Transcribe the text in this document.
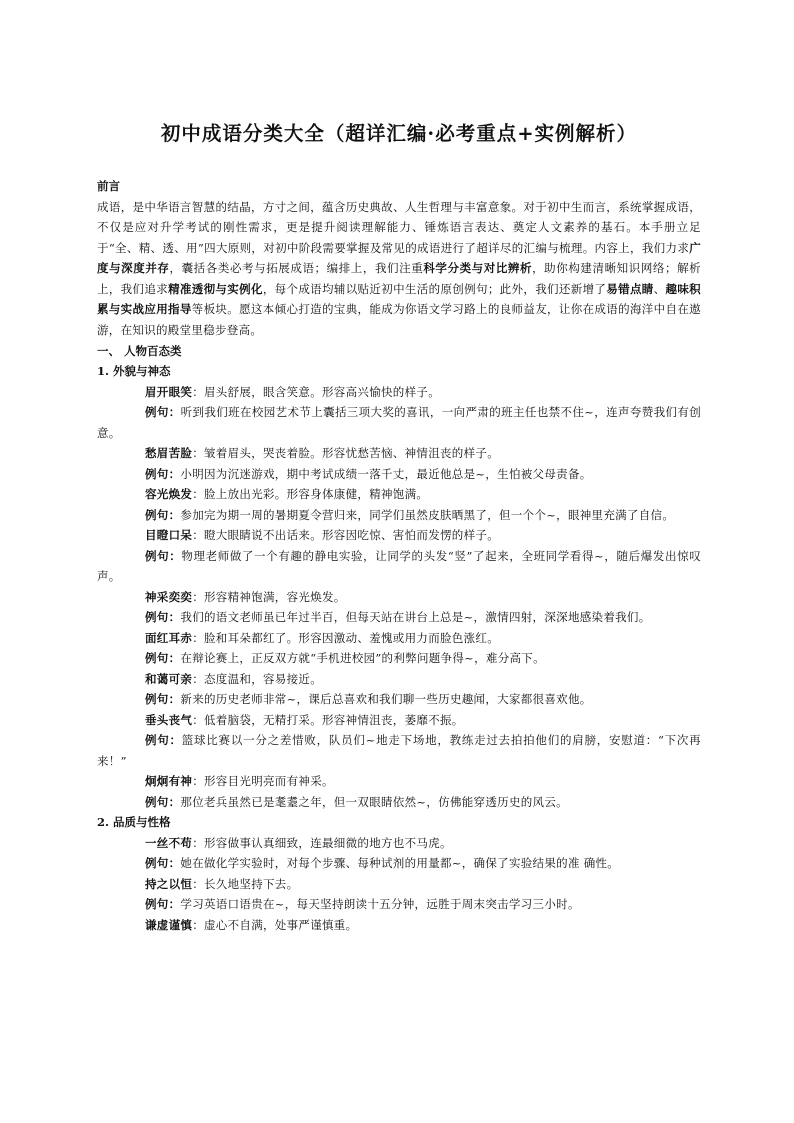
初中成语分类大全（超详汇编·必考重点+实例解析）
前言

成语，是中华语言智慧的结晶，方寸之间，蕴含历史典故、人生哲理与丰富意象。对于初中生而言，系统掌握成语，不仅是应对升学考试的刚性需求，更是提升阅读理解能力、锤炼语言表达、奠定人文素养的基石。本手册立足于“全、精、透、用”四大原则，对初中阶段需要掌握及常见的成语进行了超详尽的汇编与梳理。内容上，我们力求广度与深度并存，囊括各类必考与拓展成语；编排上，我们注重科学分类与对比辨析，助你构建清晰知识网络；解析上，我们追求精准透彻与实例化，每个成语均辅以贴近初中生活的原创例句；此外，我们还新增了易错点睛、趣味积累与实战应用指导等板块。愿这本倾心打造的宝典，能成为你语文学习路上的良师益友，让你在成语的海洋中自在遨游，在知识的殿堂里稳步登高。

一、 人物百态类
1. 外貌与神态
眉开眼笑：眉头舒展，眼含笑意。形容高兴愉快的样子。
例句：听到我们班在校园艺术节上囊括三项大奖的喜讯，一向严肃的班主任也禁不住~，连声夸赞我们有创意。
愁眉苦脸：皱着眉头，哭丧着脸。形容忧愁苦恼、神情沮丧的样子。
例句：小明因为沉迷游戏，期中考试成绩一落千丈，最近他总是~，生怕被父母责备。
容光焕发：脸上放出光彩。形容身体康健，精神饱满。
例句：参加完为期一周的暑期夏令营归来，同学们虽然皮肤晒黑了，但一个个~，眼神里充满了自信。
目瞪口呆：瞪大眼睛说不出话来。形容因吃惊、害怕而发愣的样子。
例句：物理老师做了一个有趣的静电实验，让同学的头发“竖”了起来，全班同学看得~，随后爆发出惊叹声。
神采奕奕：形容精神饱满，容光焕发。
例句：我们的语文老师虽已年过半百，但每天站在讲台上总是~，激情四射，深深地感染着我们。
面红耳赤：脸和耳朵都红了。形容因激动、羞愧或用力而脸色涨红。
例句：在辩论赛上，正反双方就“手机进校园”的利弊问题争得~，难分高下。
和蔼可亲：态度温和，容易接近。
例句：新来的历史老师非常~，课后总喜欢和我们聊一些历史趣闻，大家都很喜欢他。
垂头丧气：低着脑袋，无精打采。形容神情沮丧，萎靡不振。
例句：篮球比赛以一分之差惜败，队员们~地走下场地，教练走过去拍拍他们的肩膀，安慰道：“下次再来！”
炯炯有神：形容目光明亮而有神采。
例句：那位老兵虽然已是耄耋之年，但一双眼睛依然~，仿佛能穿透历史的风云。
2. 品质与性格
一丝不苟：形容做事认真细致，连最细微的地方也不马虎。
例句：她在做化学实验时，对每个步骤、每种试剂的用量都~，确保了实验结果的准 确性。
持之以恒：长久地坚持下去。
例句：学习英语口语贵在~，每天坚持朗读十五分钟，远胜于周末突击学习三小时。
谦虚谨慎：虚心不自满，处事严谨慎重。
